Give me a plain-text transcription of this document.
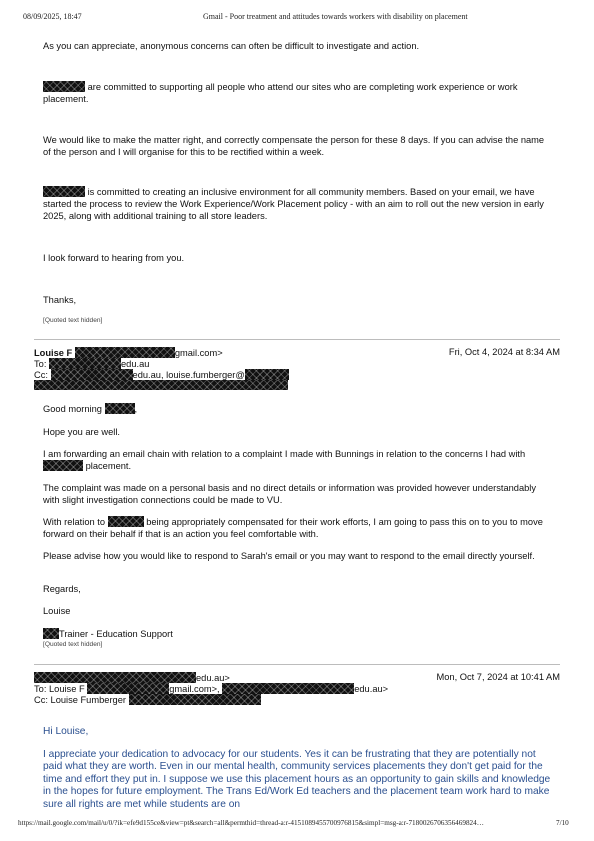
08/09/2025, 18:47	Gmail - Poor treatment and attitudes towards workers with disability on placement
As you can appreciate, anonymous concerns can often be difficult to investigate and action.
are committed to supporting all people who attend our sites who are completing work experience or work placement.
We would like to make the matter right, and correctly compensate the person for these 8 days. If you can advise the name of the person and I will organise for this to be rectified within a week.
is committed to creating an inclusive environment for all community members. Based on your email, we have started the process to review the Work Experience/Work Placement policy - with an aim to roll out the new version in early 2025, along with additional training to all store leaders.
I look forward to hearing from you.
Thanks,
[Quoted text hidden]
Louise F	gmail.com>	Fri, Oct 4, 2024 at 8:34 AM
To:	edu.au
Cc:	edu.au, louise.fumberger@
Good morning	,
Hope you are well.
I am forwarding an email chain with relation to a complaint I made with Bunnings in relation to the concerns I had with  placement.
The complaint was made on a personal basis and no direct details or information was provided however understandably with slight investigation connections could be made to VU.
With relation to	being appropriately compensated for their work efforts, I am going to pass this on to you to move forward on their behalf if that is an action you feel comfortable with.
Please advise how you would like to respond to Sarah's email or you may want to respond to the email directly yourself.
Regards,
Louise
Trainer - Education Support
[Quoted text hidden]
edu.au>	Mon, Oct 7, 2024 at 10:41 AM
To: Louise F	gmail.com>,	edu.au>
Cc: Louise Fumberger
Hi Louise,
I appreciate your dedication to advocacy for our students. Yes it can be frustrating that they are potentially not paid what they are worth. Even in our mental health, community services placements they don't get paid for the time and effort they put in. I suppose we use this placement hours as an opportunity to gain skills and knowledge in the hopes for future employment. The Trans Ed/Work Ed teachers and the placement team work hard to make sure all rights are met while students are on
https://mail.google.com/mail/u/0/?ik=efe9d155ce&view=pt&search=all&permthid=thread-a:r-4151089455700976815&simpl=msg-a:r-7180026706356469824…	7/10
